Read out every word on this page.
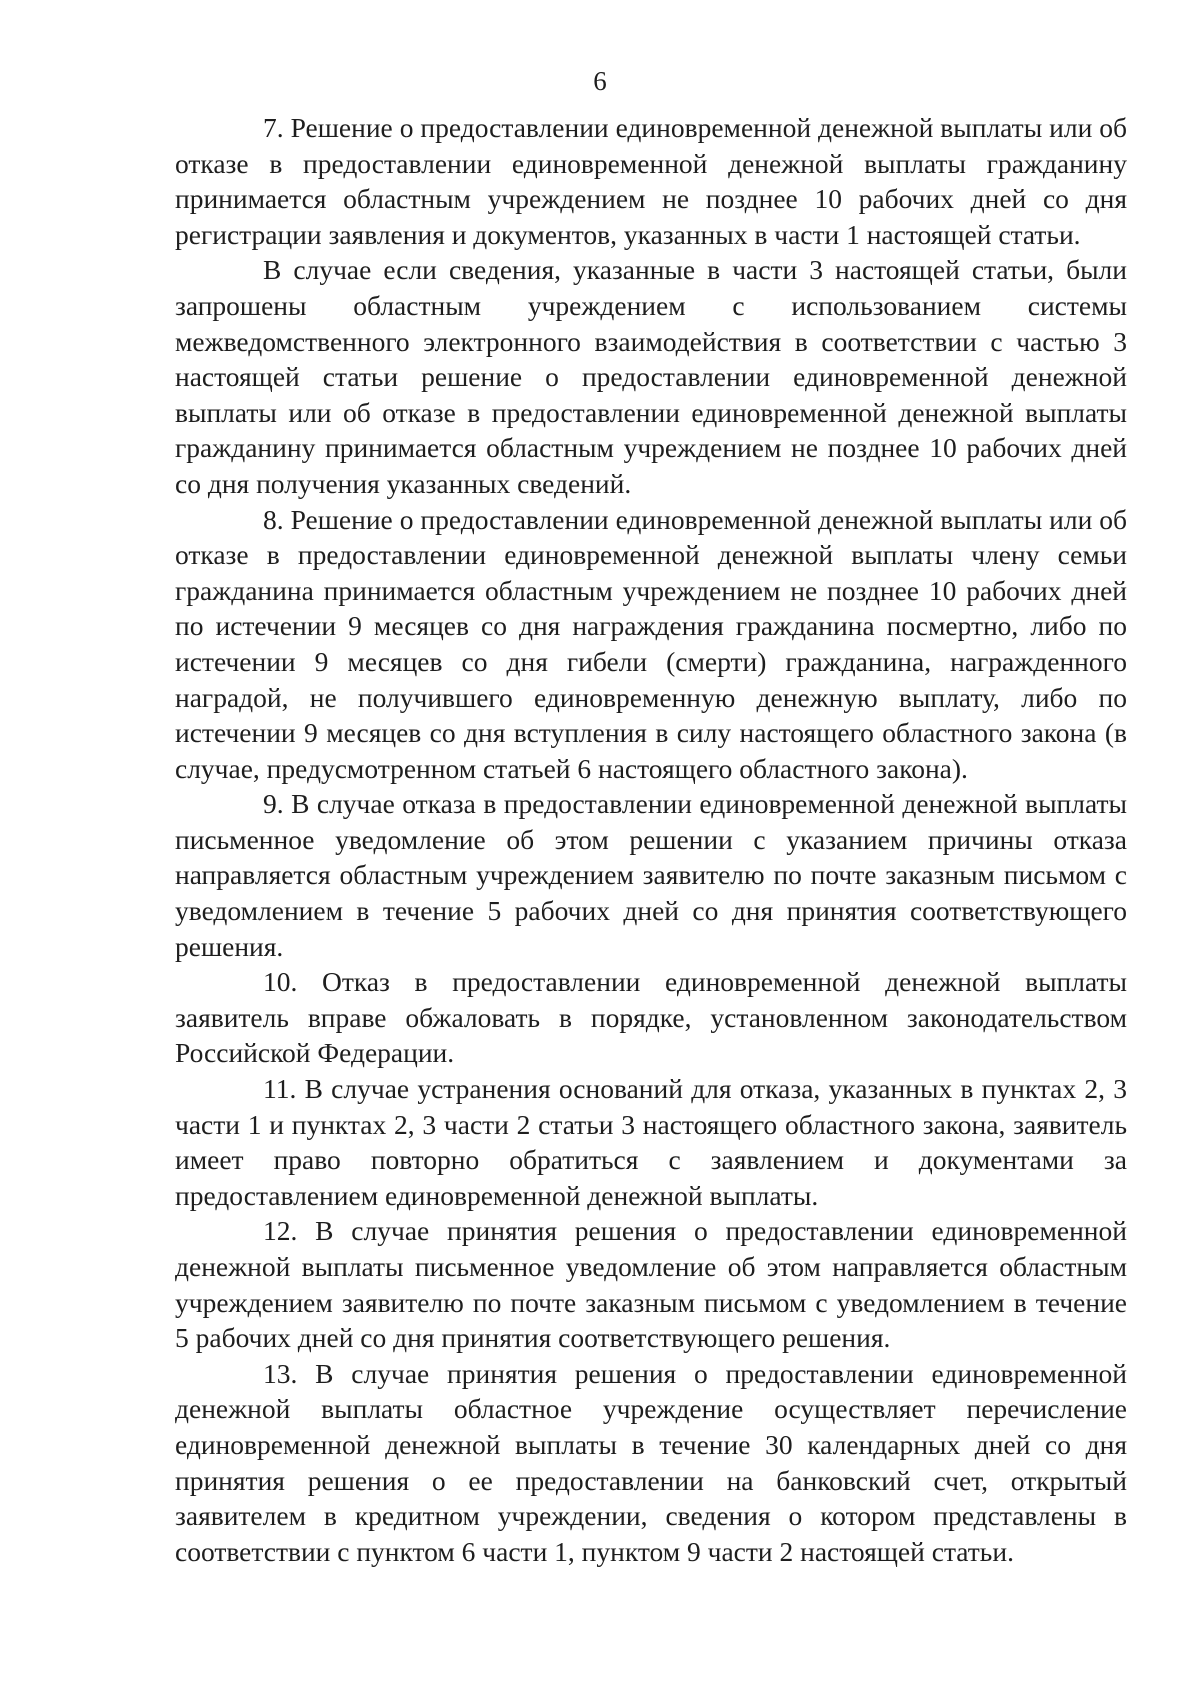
6

7. Решение о предоставлении единовременной денежной выплаты или об отказе в предоставлении единовременной денежной выплаты гражданину принимается областным учреждением не позднее 10 рабочих дней со дня регистрации заявления и документов, указанных в части 1 настоящей статьи.

В случае если сведения, указанные в части 3 настоящей статьи, были запрошены областным учреждением с использованием системы межведомственного электронного взаимодействия в соответствии с частью 3 настоящей статьи решение о предоставлении единовременной денежной выплаты или об отказе в предоставлении единовременной денежной выплаты гражданину принимается областным учреждением не позднее 10 рабочих дней со дня получения указанных сведений.

8. Решение о предоставлении единовременной денежной выплаты или об отказе в предоставлении единовременной денежной выплаты члену семьи гражданина принимается областным учреждением не позднее 10 рабочих дней по истечении 9 месяцев со дня награждения гражданина посмертно, либо по истечении 9 месяцев со дня гибели (смерти) гражданина, награжденного наградой, не получившего единовременную денежную выплату, либо по истечении 9 месяцев со дня вступления в силу настоящего областного закона (в случае, предусмотренном статьей 6 настоящего областного закона).

9. В случае отказа в предоставлении единовременной денежной выплаты письменное уведомление об этом решении с указанием причины отказа направляется областным учреждением заявителю по почте заказным письмом с уведомлением в течение 5 рабочих дней со дня принятия соответствующего решения.

10. Отказ в предоставлении единовременной денежной выплаты заявитель вправе обжаловать в порядке, установленном законодательством Российской Федерации.

11. В случае устранения оснований для отказа, указанных в пунктах 2, 3 части 1 и пунктах 2, 3 части 2 статьи 3 настоящего областного закона, заявитель имеет право повторно обратиться с заявлением и документами за предоставлением единовременной денежной выплаты.

12. В случае принятия решения о предоставлении единовременной денежной выплаты письменное уведомление об этом направляется областным учреждением заявителю по почте заказным письмом с уведомлением в течение 5 рабочих дней со дня принятия соответствующего решения.

13. В случае принятия решения о предоставлении единовременной денежной выплаты областное учреждение осуществляет перечисление единовременной денежной выплаты в течение 30 календарных дней со дня принятия решения о ее предоставлении на банковский счет, открытый заявителем в кредитном учреждении, сведения о котором представлены в соответствии с пунктом 6 части 1, пунктом 9 части 2 настоящей статьи.
